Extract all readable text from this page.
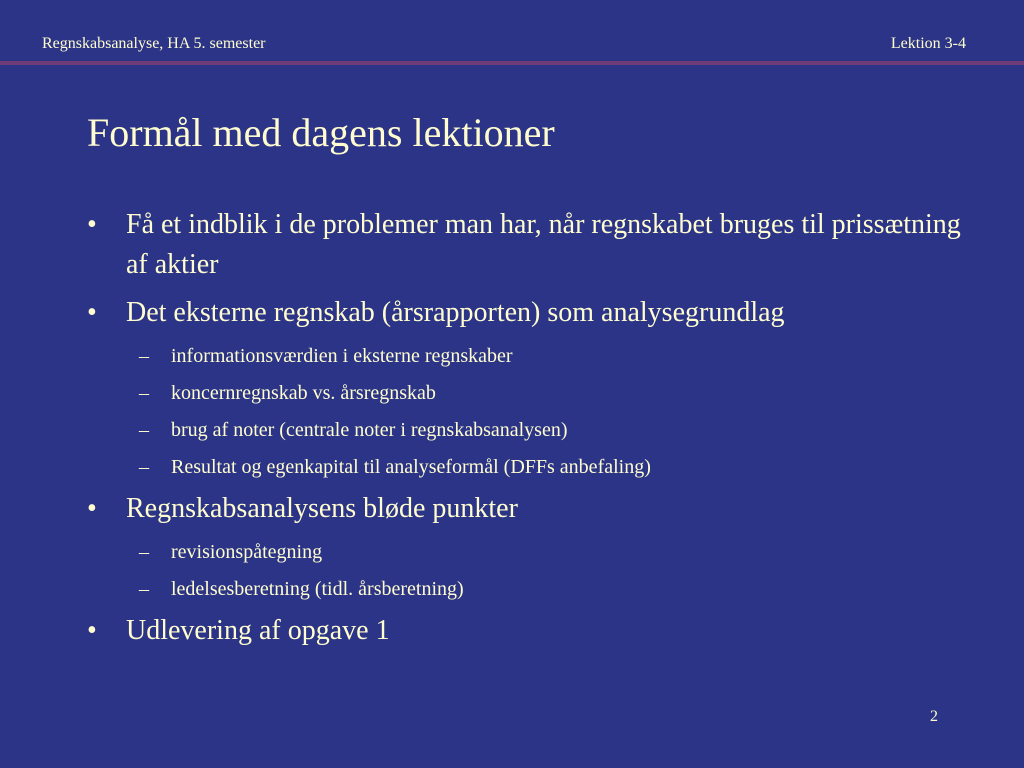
Regnskabsanalyse, HA 5. semester	Lektion 3-4
Formål med dagens lektioner
•	Få et indblik i de problemer man har, når regnskabet bruges til prissætning af aktier
•	Det eksterne regnskab (årsrapporten) som analysegrundlag
– informationsværdien i eksterne regnskaber
– koncernregnskab vs. årsregnskab
– brug af noter (centrale noter i regnskabsanalysen)
– Resultat og egenkapital til analyseformål (DFFs anbefaling)
•	Regnskabsanalysens bløde punkter
– revisionspåtegning
– ledelsesberetning (tidl. årsberetning)
•	Udlevering af opgave 1
2
